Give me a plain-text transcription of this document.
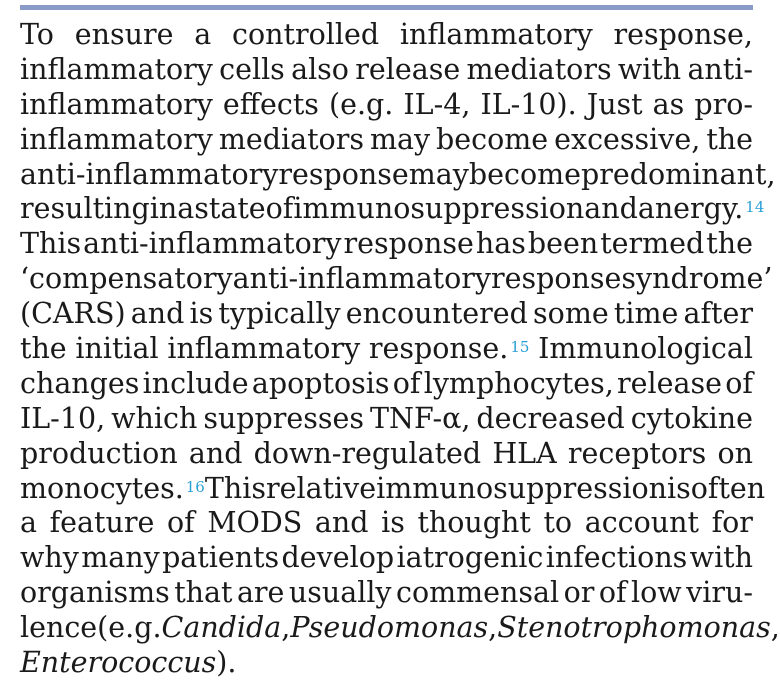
To ensure a controlled inflammatory response,
inflammatory cells also release mediators with anti-
inflammatory effects (e.g. IL-4, IL-10). Just as pro-
inflammatory mediators may become excessive, the
anti-inflammatory response may become predominant,
resulting in a state of immunosuppression and anergy. $^{14}$
This anti-inflammatory response has been termed the
‘compensatory anti-inflammatory response syndrome’
(CARS) and is typically encountered some time after
the initial inflammatory response. $^{15}$ Immunological
changes include apoptosis of lymphocytes, release of
IL-10, which suppresses TNF-α, decreased cytokine
production and down-regulated HLA receptors on
monocytes. $^{16}$ This relative immunosuppression is often
a feature of MODS and is thought to account for
why many patients develop iatrogenic infections with
organisms that are usually commensal or of low viru-
lence (e.g. Candida, Pseudomonas, Stenotrophomonas,
Enterococcus).
